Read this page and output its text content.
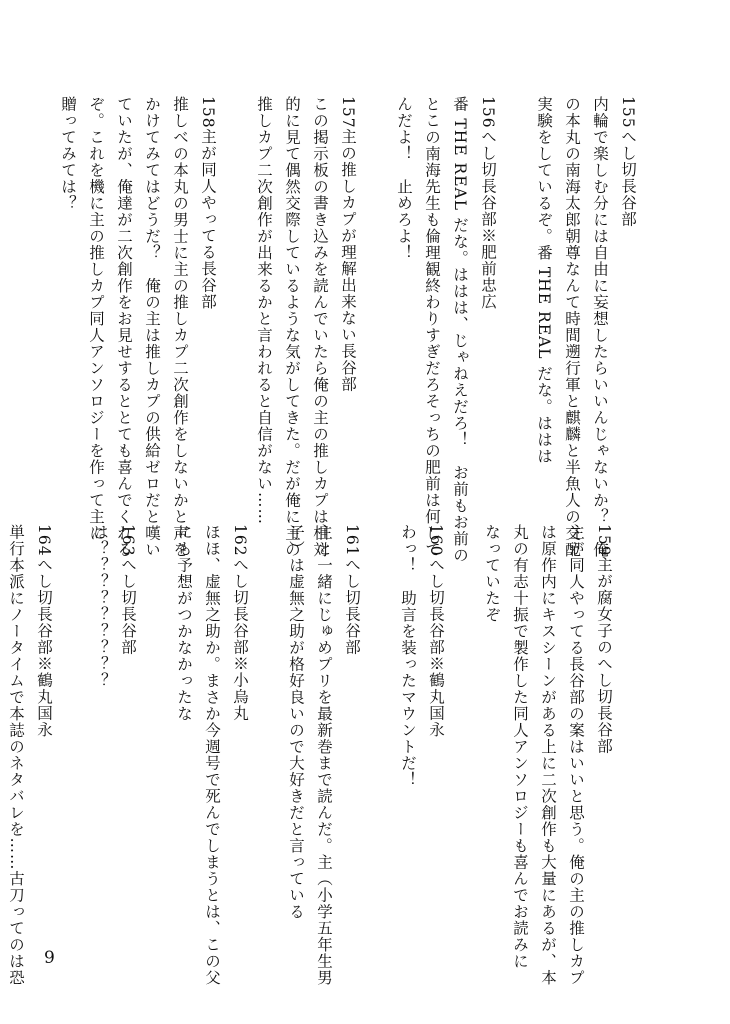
155へし切長谷部
内輪で楽しむ分には自由に妄想したらいいんじゃないか？　俺
の本丸の南海太郎朝尊なんて時間遡行軍と麒麟と半魚人の交配
実験をしているぞ。番 THE REAL だな。ははは

156へし切長谷部※肥前忠広
番 THE REAL だな。ははは、じゃねえだろ！　お前もお前の
とこの南海先生も倫理観終わりすぎだろそっちの肥前は何して
んだよ！　止めろよ！

157主の推しカプが理解出来ない長谷部
この掲示板の書き込みを読んでいたら俺の主の推しカプは相対
的に見て偶然交際しているような気がしてきた。だが俺に主の
推しカプ二次創作が出来るかと言われると自信がない……

158主が同人やってる長谷部
推しべの本丸の男士に主の推しカプ二次創作をしないかと声を
かけてみてはどうだ？　俺の主は推しカプの供給ゼロだと嘆い
ていたが、俺達が二次創作をお見せするととても喜んでくれる
ぞ。これを機に主の推しカプ同人アンソロジーを作って主に
贈ってみては？
159主が腐女子のへし切長谷部
主が同人やってる長谷部の案はいいと思う。俺の主の推しカプ
は原作内にキスシーンがある上に二次創作も大量にあるが、本
丸の有志十振で製作した同人アンソロジーも喜んでお読みに
なっていたぞ

160へし切長谷部※鶴丸国永
わっ！　助言を装ったマウントだ！

161へし切長谷部
主と一緒にじゅめプリを最新巻まで読んだ。主（小学五年生男
子）は虚無之助が格好良いので大好きだと言っている

162へし切長谷部※小烏丸
ほほ、虚無之助か。まさか今週号で死んでしまうとは、この父
にも予想がつかなかったな

163へし切長谷部
は？？？？？？？？？

164へし切長谷部※鶴丸国永
単行本派にノータイムで本誌のネタバレを……古刀ってのは恐 9
